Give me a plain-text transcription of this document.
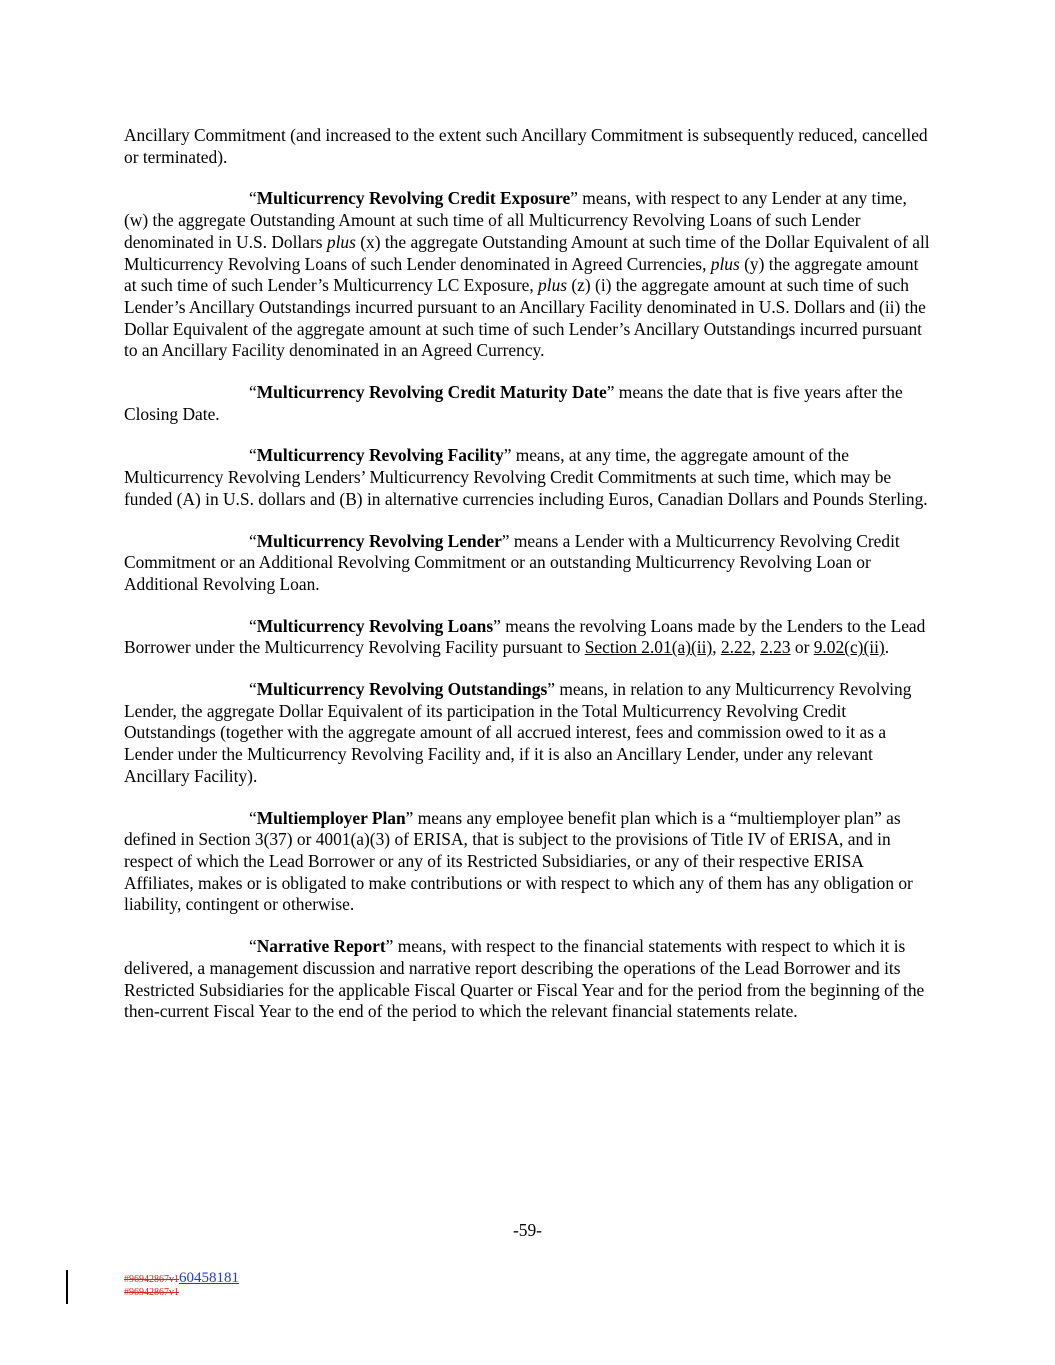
Ancillary Commitment (and increased to the extent such Ancillary Commitment is subsequently reduced, cancelled or terminated).

“Multicurrency Revolving Credit Exposure” means, with respect to any Lender at any time, (w) the aggregate Outstanding Amount at such time of all Multicurrency Revolving Loans of such Lender denominated in U.S. Dollars plus (x) the aggregate Outstanding Amount at such time of the Dollar Equivalent of all Multicurrency Revolving Loans of such Lender denominated in Agreed Currencies, plus (y) the aggregate amount at such time of such Lender’s Multicurrency LC Exposure, plus (z) (i) the aggregate amount at such time of such Lender’s Ancillary Outstandings incurred pursuant to an Ancillary Facility denominated in U.S. Dollars and (ii) the Dollar Equivalent of the aggregate amount at such time of such Lender’s Ancillary Outstandings incurred pursuant to an Ancillary Facility denominated in an Agreed Currency.

“Multicurrency Revolving Credit Maturity Date” means the date that is five years after the Closing Date.

“Multicurrency Revolving Facility” means, at any time, the aggregate amount of the Multicurrency Revolving Lenders’ Multicurrency Revolving Credit Commitments at such time, which may be funded (A) in U.S. dollars and (B) in alternative currencies including Euros, Canadian Dollars and Pounds Sterling.

“Multicurrency Revolving Lender” means a Lender with a Multicurrency Revolving Credit Commitment or an Additional Revolving Commitment or an outstanding Multicurrency Revolving Loan or Additional Revolving Loan.

“Multicurrency Revolving Loans” means the revolving Loans made by the Lenders to the Lead Borrower under the Multicurrency Revolving Facility pursuant to Section 2.01(a)(ii), 2.22, 2.23 or 9.02(c)(ii).

“Multicurrency Revolving Outstandings” means, in relation to any Multicurrency Revolving Lender, the aggregate Dollar Equivalent of its participation in the Total Multicurrency Revolving Credit Outstandings (together with the aggregate amount of all accrued interest, fees and commission owed to it as a Lender under the Multicurrency Revolving Facility and, if it is also an Ancillary Lender, under any relevant Ancillary Facility).

“Multiemployer Plan” means any employee benefit plan which is a “multiemployer plan” as defined in Section 3(37) or 4001(a)(3) of ERISA, that is subject to the provisions of Title IV of ERISA, and in respect of which the Lead Borrower or any of its Restricted Subsidiaries, or any of their respective ERISA Affiliates, makes or is obligated to make contributions or with respect to which any of them has any obligation or liability, contingent or otherwise.

“Narrative Report” means, with respect to the financial statements with respect to which it is delivered, a management discussion and narrative report describing the operations of the Lead Borrower and its Restricted Subsidiaries for the applicable Fiscal Quarter or Fiscal Year and for the period from the beginning of the then-current Fiscal Year to the end of the period to which the relevant financial statements relate.

-59-
#96942867v160458181
#96942867v1
